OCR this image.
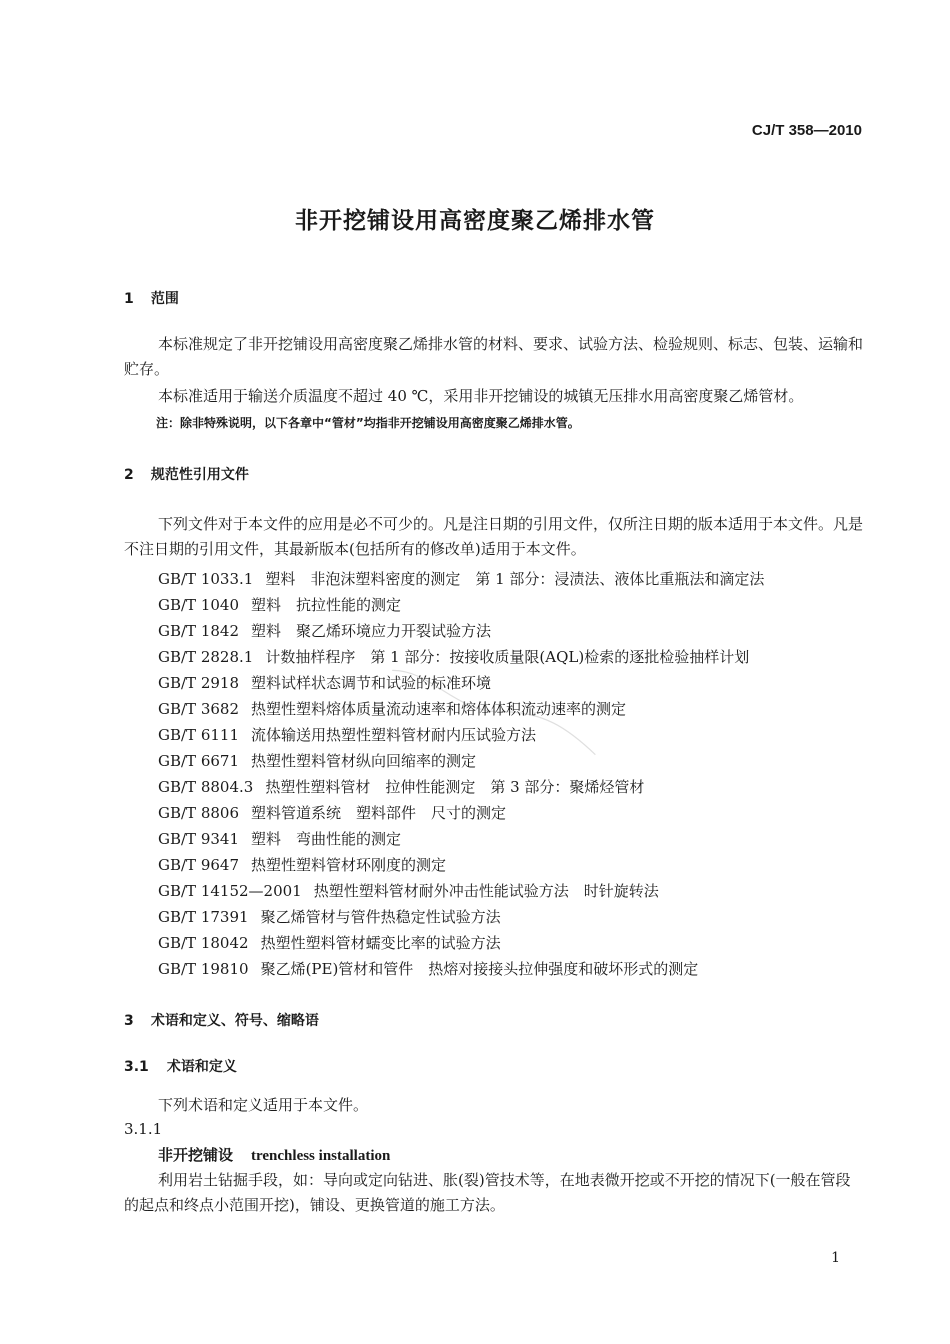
CJ/T 358—2010
非开挖铺设用高密度聚乙烯排水管
1 范围
本标准规定了非开挖铺设用高密度聚乙烯排水管的材料、要求、试验方法、检验规则、标志、包装、运输和贮存。
本标准适用于输送介质温度不超过 40 ℃，采用非开挖铺设的城镇无压排水用高密度聚乙烯管材。
注：除非特殊说明，以下各章中“管材”均指非开挖铺设用高密度聚乙烯排水管。
2 规范性引用文件
下列文件对于本文件的应用是必不可少的。凡是注日期的引用文件，仅所注日期的版本适用于本文件。凡是不注日期的引用文件，其最新版本(包括所有的修改单)适用于本文件。
GB/T 1033.1 塑料　非泡沫塑料密度的测定　第 1 部分：浸渍法、液体比重瓶法和滴定法
GB/T 1040 塑料　抗拉性能的测定
GB/T 1842 塑料　聚乙烯环境应力开裂试验方法
GB/T 2828.1 计数抽样程序　第 1 部分：按接收质量限(AQL)检索的逐批检验抽样计划
GB/T 2918 塑料试样状态调节和试验的标准环境
GB/T 3682 热塑性塑料熔体质量流动速率和熔体体积流动速率的测定
GB/T 6111 流体输送用热塑性塑料管材耐内压试验方法
GB/T 6671 热塑性塑料管材纵向回缩率的测定
GB/T 8804.3 热塑性塑料管材　拉伸性能测定　第 3 部分：聚烯烃管材
GB/T 8806 塑料管道系统　塑料部件　尺寸的测定
GB/T 9341 塑料　弯曲性能的测定
GB/T 9647 热塑性塑料管材环刚度的测定
GB/T 14152—2001 热塑性塑料管材耐外冲击性能试验方法　时针旋转法
GB/T 17391 聚乙烯管材与管件热稳定性试验方法
GB/T 18042 热塑性塑料管材蠕变比率的试验方法
GB/T 19810 聚乙烯(PE)管材和管件　热熔对接接头拉伸强度和破坏形式的测定
3 术语和定义、符号、缩略语
3.1 术语和定义
下列术语和定义适用于本文件。
3.1.1
非开挖铺设 trenchless installation
利用岩土钻掘手段，如：导向或定向钻进、胀(裂)管技术等，在地表微开挖或不开挖的情况下(一般在管段的起点和终点小范围开挖)，铺设、更换管道的施工方法。
1
